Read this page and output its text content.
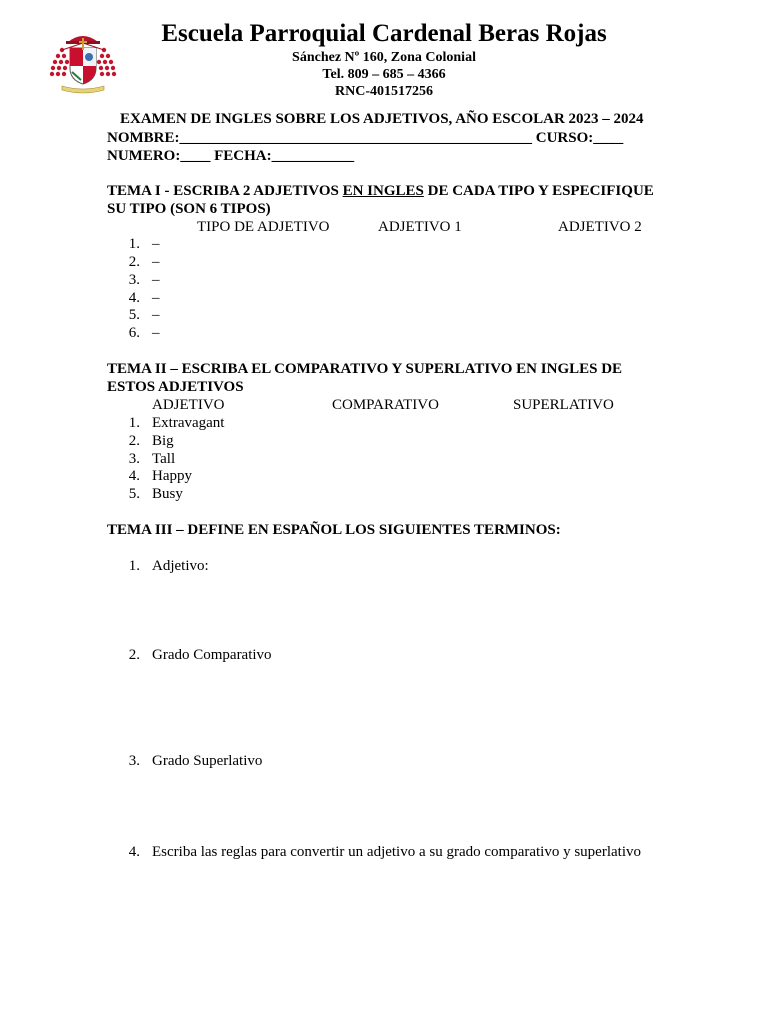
Escuela Parroquial Cardenal Beras Rojas
Sánchez Nº 160, Zona Colonial
Tel. 809 – 685 – 4366
RNC-401517256
EXAMEN DE INGLES SOBRE LOS ADJETIVOS, AÑO ESCOLAR 2023 – 2024
NOMBRE:_______________________________________________ CURSO:____
NUMERO:____ FECHA:___________
TEMA I - ESCRIBA 2 ADJETIVOS EN INGLES DE CADA TIPO Y ESPECIFIQUE
SU TIPO (SON 6 TIPOS)
TIPO DE ADJETIVO	ADJETIVO 1	ADJETIVO 2
1. –
2. –
3. –
4. –
5. –
6. –
TEMA II – ESCRIBA EL COMPARATIVO Y SUPERLATIVO EN INGLES DE
ESTOS ADJETIVOS
ADJETIVO	COMPARATIVO	SUPERLATIVO
1. Extravagant
2. Big
3. Tall
4. Happy
5. Busy
TEMA III – DEFINE EN ESPAÑOL LOS SIGUIENTES TERMINOS:
1. Adjetivo:
2. Grado Comparativo
3. Grado Superlativo
4. Escriba las reglas para convertir un adjetivo a su grado comparativo y superlativo
